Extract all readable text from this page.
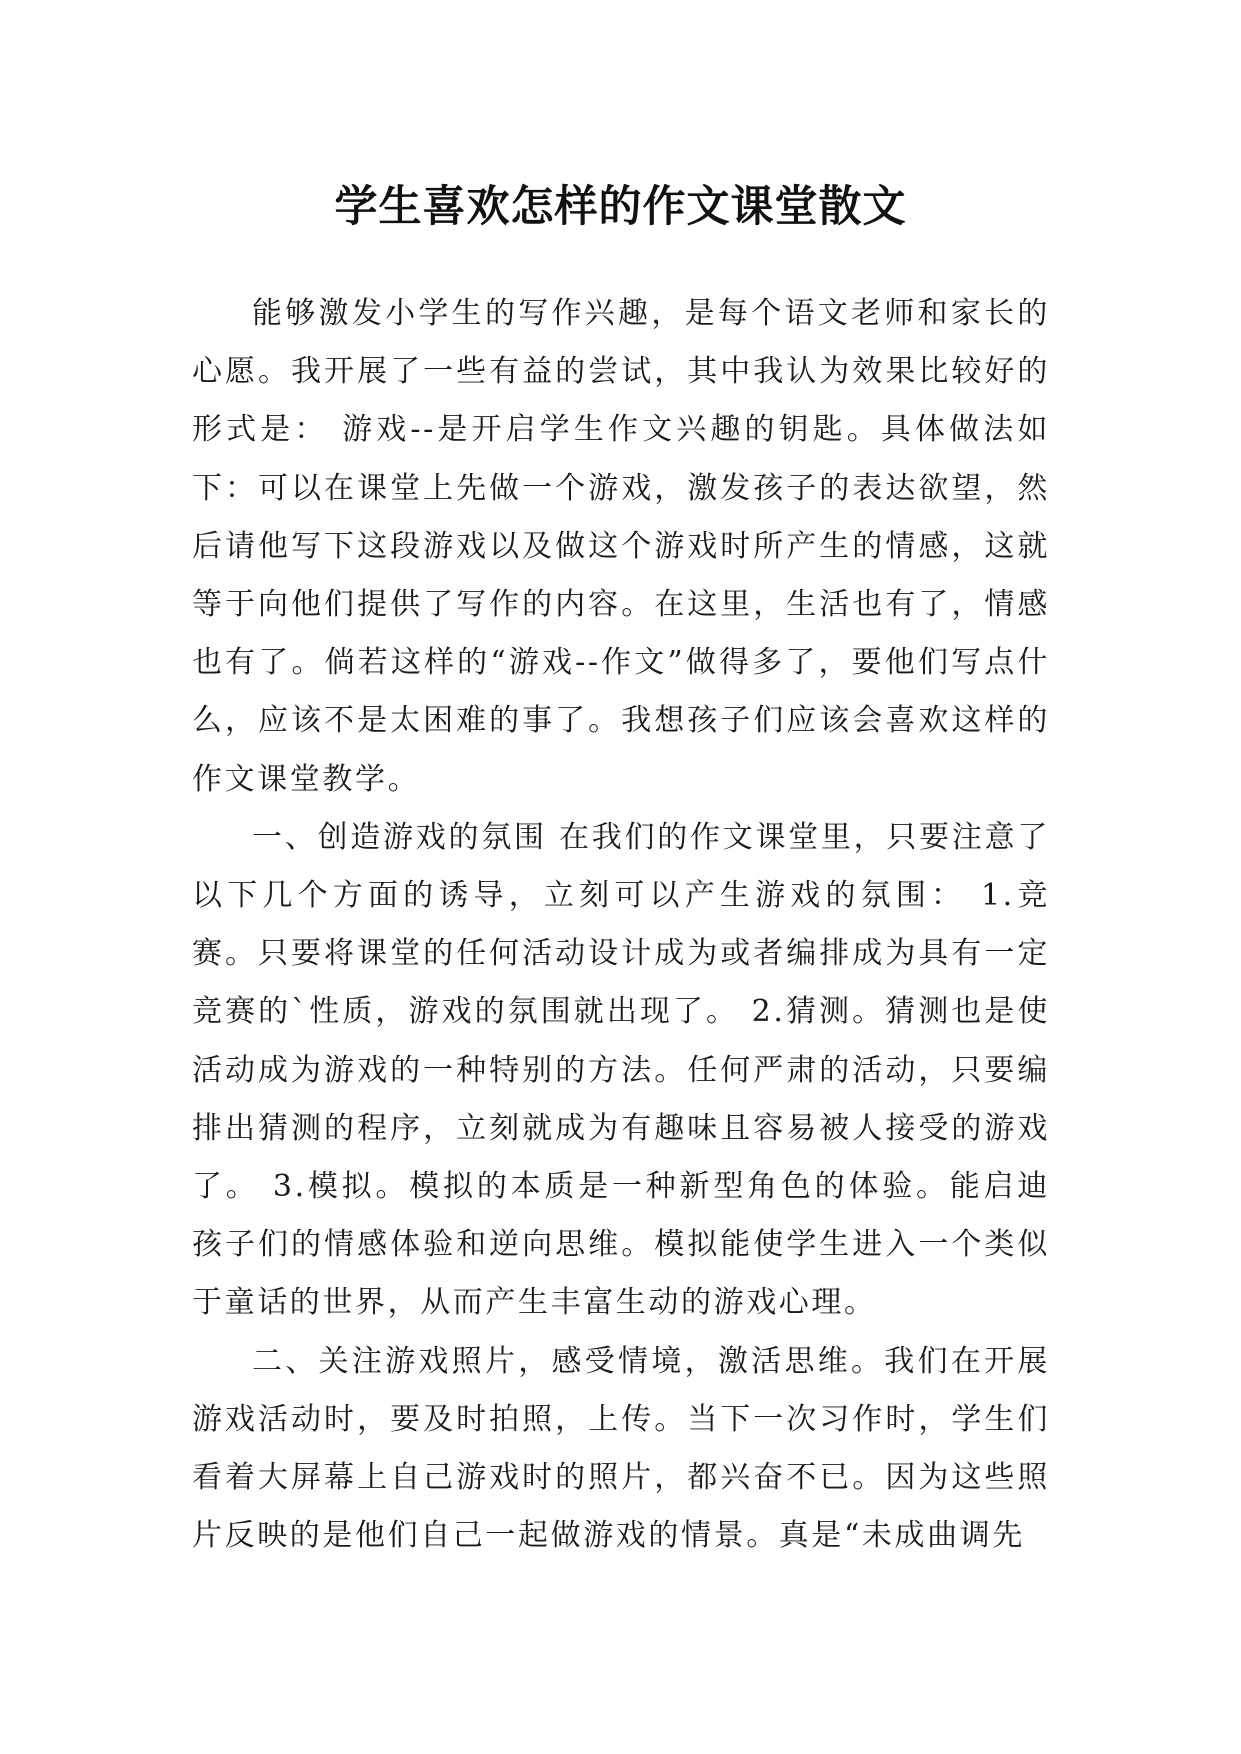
学生喜欢怎样的作文课堂散文

能够激发小学生的写作兴趣，是每个语文老师和家长的心愿。我开展了一些有益的尝试，其中我认为效果比较好的形式是： 游戏--是开启学生作文兴趣的钥匙。具体做法如下：可以在课堂上先做一个游戏，激发孩子的表达欲望，然后请他写下这段游戏以及做这个游戏时所产生的情感，这就等于向他们提供了写作的内容。在这里，生活也有了，情感也有了。倘若这样的“游戏--作文”做得多了，要他们写点什么，应该不是太困难的事了。我想孩子们应该会喜欢这样的作文课堂教学。

一、创造游戏的氛围 在我们的作文课堂里，只要注意了以下几个方面的诱导，立刻可以产生游戏的氛围： 1.竞赛。只要将课堂的任何活动设计成为或者编排成为具有一定竞赛的`性质，游戏的氛围就出现了。 2.猜测。猜测也是使活动成为游戏的一种特别的方法。任何严肃的活动，只要编排出猜测的程序，立刻就成为有趣味且容易被人接受的游戏了。 3.模拟。模拟的本质是一种新型角色的体验。能启迪孩子们的情感体验和逆向思维。模拟能使学生进入一个类似于童话的世界，从而产生丰富生动的游戏心理。

二、关注游戏照片，感受情境，激活思维。我们在开展游戏活动时，要及时拍照，上传。当下一次习作时，学生们看着大屏幕上自己游戏时的照片，都兴奋不已。因为这些照片反映的是他们自己一起做游戏的情景。真是“未成曲调先
